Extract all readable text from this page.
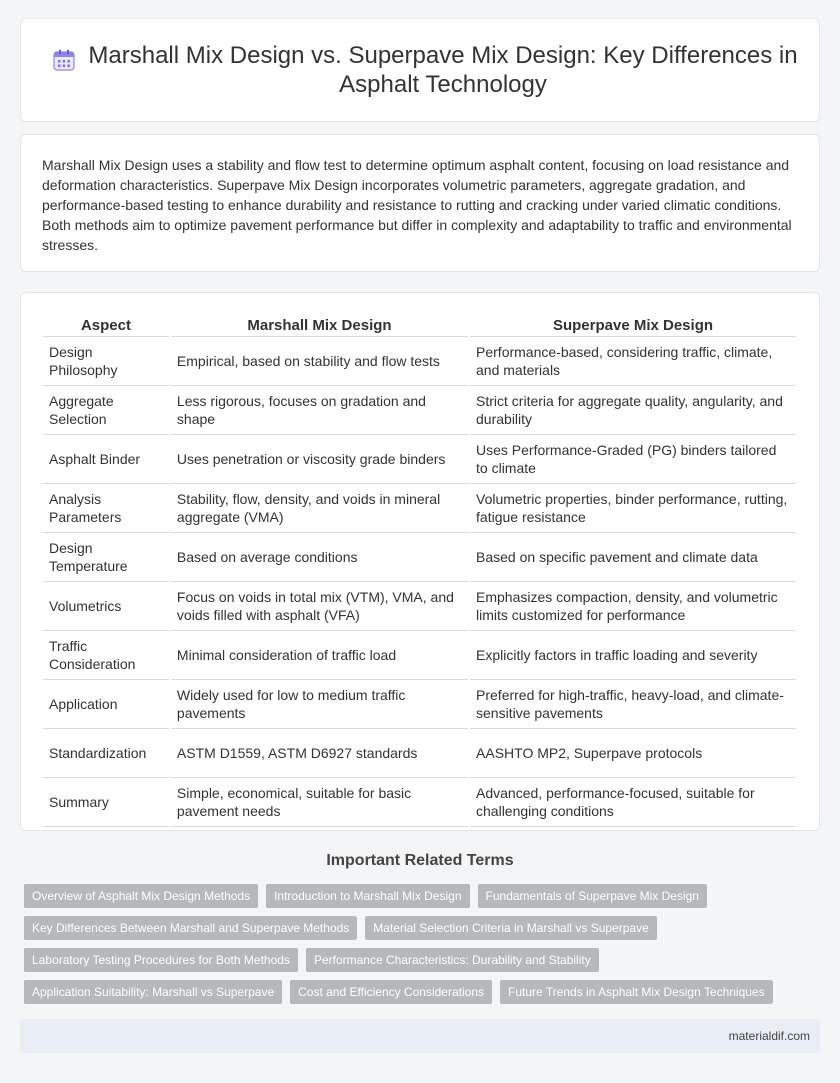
Marshall Mix Design vs. Superpave Mix Design: Key Differences in Asphalt Technology

Marshall Mix Design uses a stability and flow test to determine optimum asphalt content, focusing on load resistance and deformation characteristics. Superpave Mix Design incorporates volumetric parameters, aggregate gradation, and performance-based testing to enhance durability and resistance to rutting and cracking under varied climatic conditions. Both methods aim to optimize pavement performance but differ in complexity and adaptability to traffic and environmental stresses.

Aspect	Marshall Mix Design	Superpave Mix Design
Design Philosophy	Empirical, based on stability and flow tests	Performance-based, considering traffic, climate, and materials
Aggregate Selection	Less rigorous, focuses on gradation and shape	Strict criteria for aggregate quality, angularity, and durability
Asphalt Binder	Uses penetration or viscosity grade binders	Uses Performance-Graded (PG) binders tailored to climate
Analysis Parameters	Stability, flow, density, and voids in mineral aggregate (VMA)	Volumetric properties, binder performance, rutting, fatigue resistance
Design Temperature	Based on average conditions	Based on specific pavement and climate data
Volumetrics	Focus on voids in total mix (VTM), VMA, and voids filled with asphalt (VFA)	Emphasizes compaction, density, and volumetric limits customized for performance
Traffic Consideration	Minimal consideration of traffic load	Explicitly factors in traffic loading and severity
Application	Widely used for low to medium traffic pavements	Preferred for high-traffic, heavy-load, and climate-sensitive pavements
Standardization	ASTM D1559, ASTM D6927 standards	AASHTO MP2, Superpave protocols
Summary	Simple, economical, suitable for basic pavement needs	Advanced, performance-focused, suitable for challenging conditions
Important Related Terms
Overview of Asphalt Mix Design Methods	Introduction to Marshall Mix Design	Fundamentals of Superpave Mix Design
Key Differences Between Marshall and Superpave Methods	Material Selection Criteria in Marshall vs Superpave
Laboratory Testing Procedures for Both Methods	Performance Characteristics: Durability and Stability
Application Suitability: Marshall vs Superpave	Cost and Efficiency Considerations	Future Trends in Asphalt Mix Design Techniques
materialdif.com
